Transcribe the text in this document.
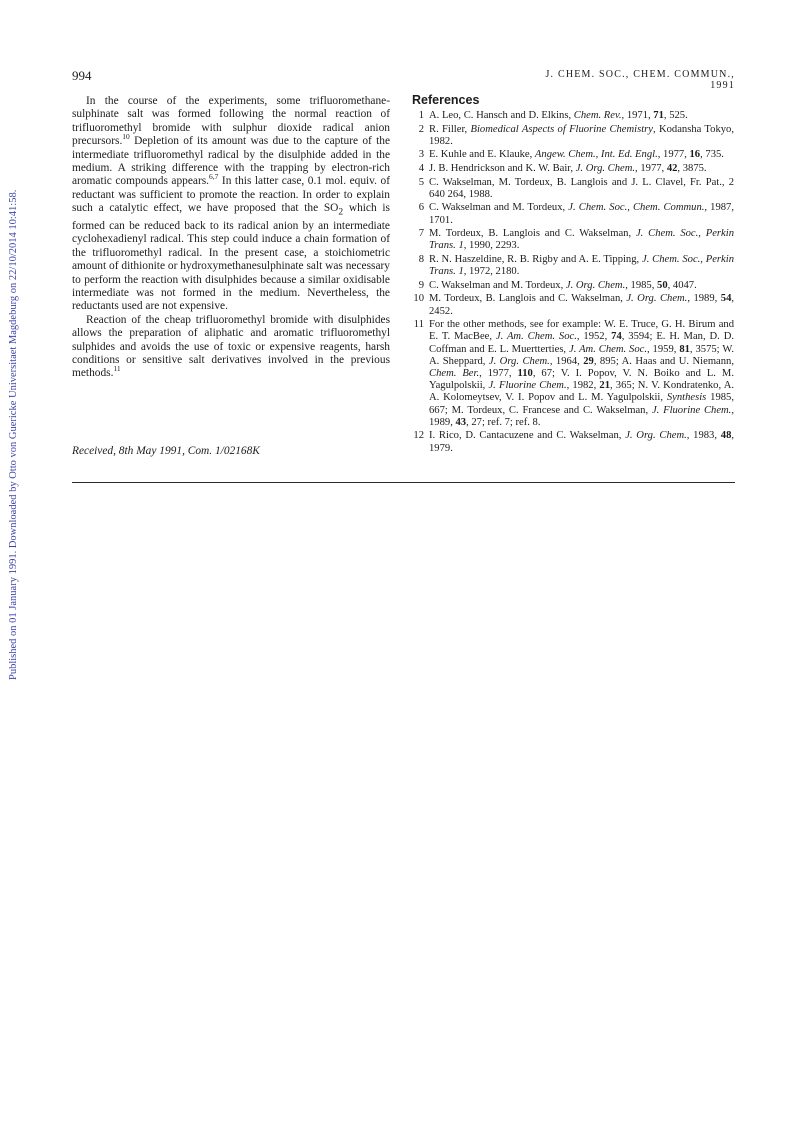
994	J. CHEM. SOC., CHEM. COMMUN., 1991
Published on 01 January 1991. Downloaded by Otto von Guericke Universitaet Magdeburg on 22/10/2014 10:41:58.

In the course of the experiments, some trifluoromethane-sulphinate salt was formed following the normal reaction of trifluoromethyl bromide with sulphur dioxide radical anion precursors.$^{10}$ Depletion of its amount was due to the capture of the intermediate trifluoromethyl radical by the disulphide added in the medium. A striking difference with the trapping by electron-rich aromatic compounds appears.$^{6,7}$ In this latter case, 0.1 mol. equiv. of reductant was sufficient to promote the reaction. In order to explain such a catalytic effect, we have proposed that the $SO_2$ which is formed can be reduced back to its radical anion by an intermediate cyclohexadienyl radical. This step could induce a chain formation of the trifluoromethyl radical. In the present case, a stoichiometric amount of dithionite or hydroxymethanesulphinate salt was necessary to perform the reaction with disulphides because a similar oxidisable intermediate was not formed in the medium. Nevertheless, the reductants used are not expensive.

Reaction of the cheap trifluoromethyl bromide with disulphides allows the preparation of aliphatic and aromatic trifluoromethyl sulphides and avoids the use of toxic or expensive reagents, harsh conditions or sensitive salt derivatives involved in the previous methods.$^{11}$

Received, 8th May 1991, Com. 1/02168K
References
1 A. Leo, C. Hansch and D. Elkins, Chem. Rev., 1971, 71, 525.
2 R. Filler, Biomedical Aspects of Fluorine Chemistry, Kodansha Tokyo, 1982.
3 E. Kuhle and E. Klauke, Angew. Chem., Int. Ed. Engl., 1977, 16, 735.
4 J. B. Hendrickson and K. W. Bair, J. Org. Chem., 1977, 42, 3875.
5 C. Wakselman, M. Tordeux, B. Langlois and J. L. Clavel, Fr. Pat., 2 640 264, 1988.
6 C. Wakselman and M. Tordeux, J. Chem. Soc., Chem. Commun., 1987, 1701.
7 M. Tordeux, B. Langlois and C. Wakselman, J. Chem. Soc., Perkin Trans. 1, 1990, 2293.
8 R. N. Haszeldine, R. B. Rigby and A. E. Tipping, J. Chem. Soc., Perkin Trans. 1, 1972, 2180.
9 C. Wakselman and M. Tordeux, J. Org. Chem., 1985, 50, 4047.
10 M. Tordeux, B. Langlois and C. Wakselman, J. Org. Chem., 1989, 54, 2452.
11 For the other methods, see for example: W. E. Truce, G. H. Birum and E. T. MacBee, J. Am. Chem. Soc., 1952, 74, 3594; E. H. Man, D. D. Coffman and E. L. Muertterties, J. Am. Chem. Soc., 1959, 81, 3575; W. A. Sheppard, J. Org. Chem., 1964, 29, 895; A. Haas and U. Niemann, Chem. Ber., 1977, 110, 67; V. I. Popov, V. N. Boiko and L. M. Yagulpolskii, J. Fluorine Chem., 1982, 21, 365; N. V. Kondratenko, A. A. Kolomeytsev, V. I. Popov and L. M. Yagulpolskii, Synthesis 1985, 667; M. Tordeux, C. Francese and C. Wakselman, J. Fluorine Chem., 1989, 43, 27; ref. 7; ref. 8.
12 I. Rico, D. Cantacuzene and C. Wakselman, J. Org. Chem., 1983, 48, 1979.
